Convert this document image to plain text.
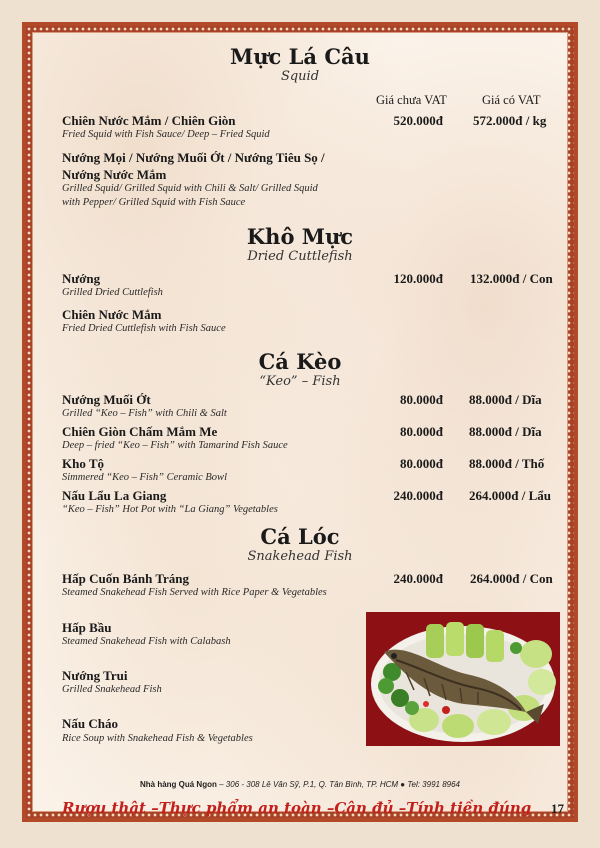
Mực Lá Câu
Squid
Giá chưa VAT	Giá có VAT
Chiên Nước Mắm / Chiên Giòn
Fried Squid with Fish Sauce/ Deep – Fried Squid
520.000đ 572.000đ / kg
Nướng Mọi / Nướng Muối Ớt / Nướng Tiêu Sọ /
Nướng Nước Mắm
Grilled Squid/ Grilled Squid with Chili & Salt/ Grilled Squid
with Pepper/ Grilled Squid with Fish Sauce
Khô Mực
Dried Cuttlefish
Nướng
Grilled Dried Cuttlefish
120.000đ 132.000đ / Con
Chiên Nước Mắm
Fried Dried Cuttlefish with Fish Sauce
Cá Kèo
“Keo” – Fish
Nướng Muối Ớt
Grilled “Keo – Fish” with Chili & Salt
80.000đ 88.000đ / Dĩa
Chiên Giòn Chấm Mắm Me
Deep – fried “Keo – Fish” with Tamarind Fish Sauce
80.000đ 88.000đ / Dĩa
Kho Tộ
Simmered “Keo – Fish” Ceramic Bowl
80.000đ 88.000đ / Thố
Nấu Lẩu La Giang
“Keo – Fish” Hot Pot with “La Giang” Vegetables
240.000đ 264.000đ / Lẩu
Cá Lóc
Snakehead Fish
Hấp Cuốn Bánh Tráng
Steamed Snakehead Fish Served with Rice Paper & Vegetables
240.000đ 264.000đ / Con
Hấp Bầu
Steamed Snakehead Fish with Calabash
Nướng Trui
Grilled Snakehead Fish
Nấu Cháo
Rice Soup with Snakehead Fish & Vegetables
Nhà hàng Quá Ngon – 306 - 308 Lê Văn Sỹ, P.1, Q. Tân Bình, TP. HCM ● Tel: 3991 8964
Rượu thật –Thực phẩm an toàn –Cân đủ –Tính tiền đúng 17
